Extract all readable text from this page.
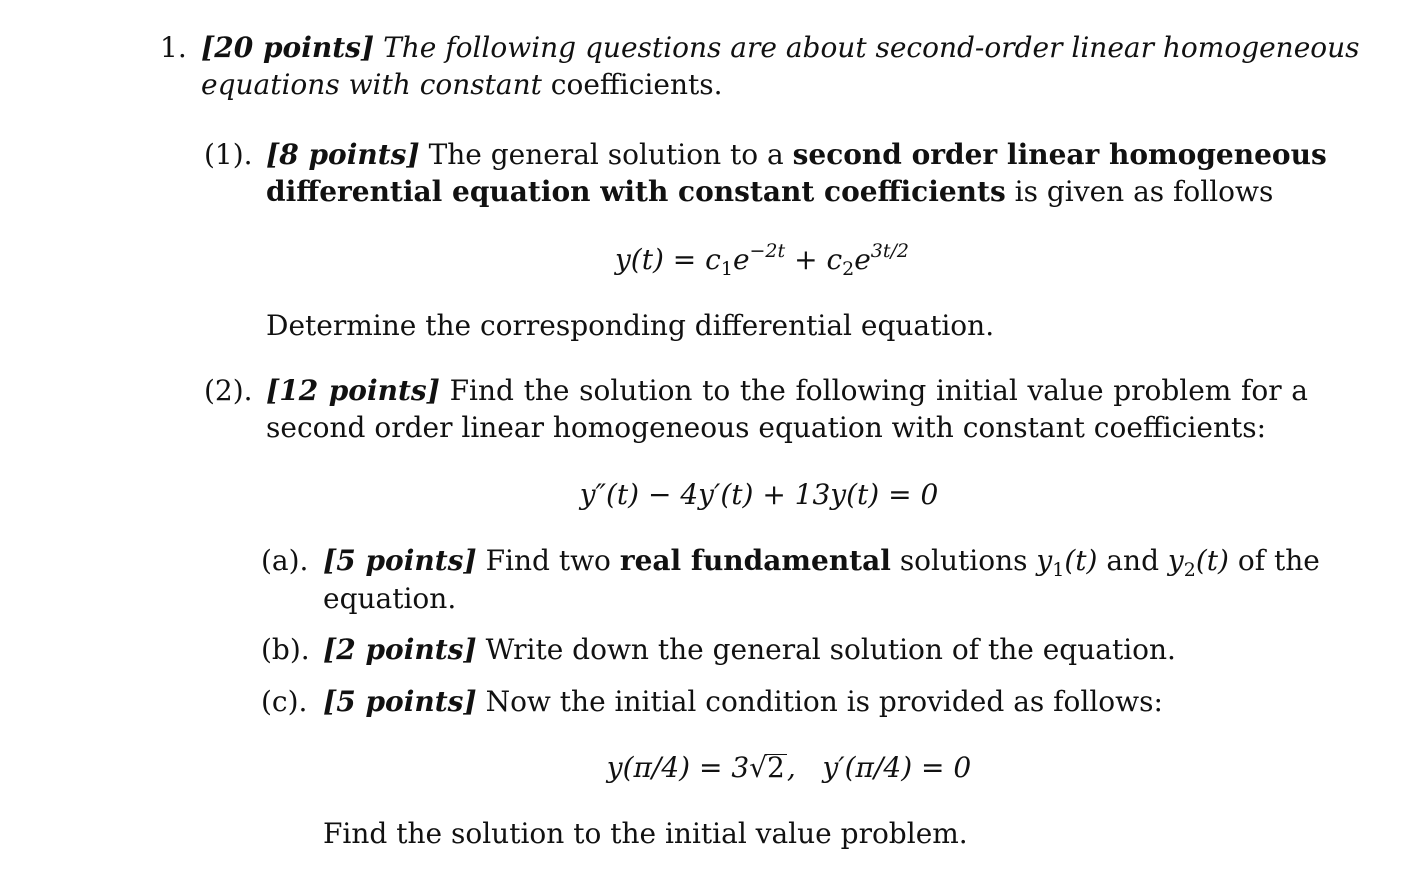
1. [20 points] The following questions are about second-order linear homogeneous
equations with constant coefficients.
(1). [8 points] The general solution to a second order linear homogeneous
differential equation with constant coefficients is given as follows
$y(t) = c_1e^{-2t} + c_2e^{3t/2}$
Determine the corresponding differential equation.
(2). [12 points] Find the solution to the following initial value problem for a
second order linear homogeneous equation with constant coefficients:
y″(t) − 4y′(t) + 13y(t) = 0
(a). [5 points] Find two real fundamental solutions $y_1(t)$ and $y_2(t)$ of the
equation.
(b). [2 points] Write down the general solution of the equation.
(c). [5 points] Now the initial condition is provided as follows:
y(π/4) = 3√2,   y′(π/4) = 0
Find the solution to the initial value problem.
